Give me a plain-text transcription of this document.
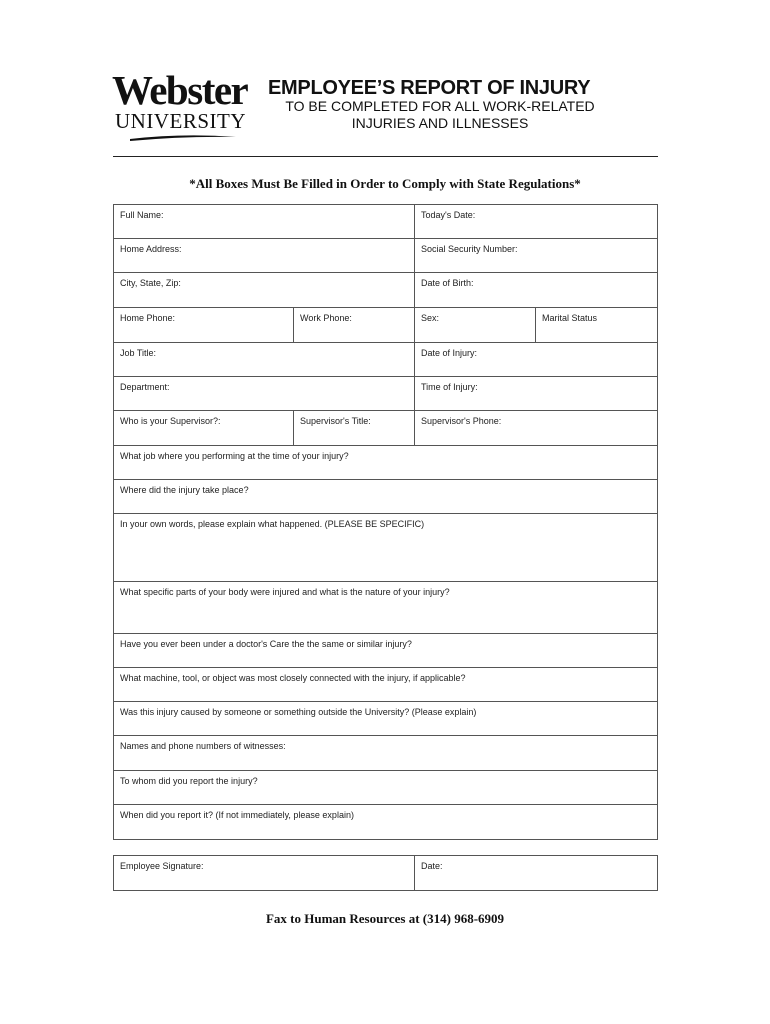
Webster
UNIVERSITY
EMPLOYEE’S REPORT OF INJURY
TO BE COMPLETED FOR ALL WORK-RELATED
INJURIES AND ILLNESSES
*All Boxes Must Be Filled in Order to Comply with State Regulations*
Full Name:	Today's Date:
Home Address:	Social Security Number:
City, State, Zip:	Date of Birth:
Home Phone:	Work Phone:	Sex:	Marital Status
Job Title:	Date of Injury:
Department:	Time of Injury:
Who is your Supervisor?:	Supervisor's Title:	Supervisor's Phone:
What job where you performing at the time of your injury?
Where did the injury take place?
In your own words, please explain what happened. (PLEASE BE SPECIFIC)
What specific parts of your body were injured and what is the nature of your injury?
Have you ever been under a doctor's Care the the same or similar injury?
What machine, tool, or object was most closely connected with the injury, if applicable?
Was this injury caused by someone or something outside the University? (Please explain)
Names and phone numbers of witnesses:
To whom did you report the injury?
When did you report it? (If not immediately, please explain)
Employee Signature:	Date:
Fax to Human Resources at (314) 968-6909
